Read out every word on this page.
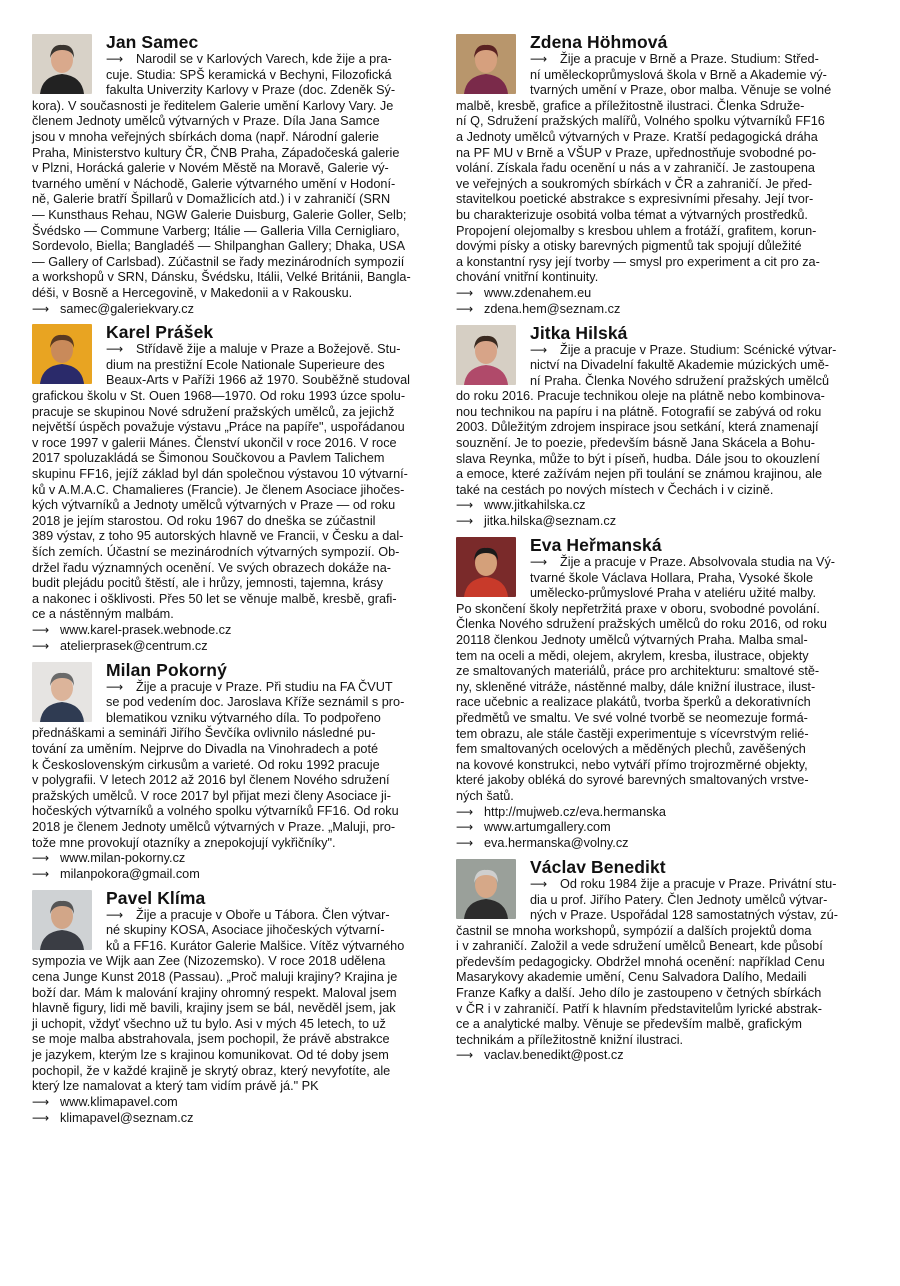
Jan Samec
⟶ Narodil se v Karlových Varech, kde žije a pra-
cuje. Studia: SPŠ keramická v Bechyni, Filozofická
fakulta Univerzity Karlovy v Praze (doc. Zdeněk Sý-
kora). V současnosti je ředitelem Galerie umění Karlovy Vary. Je
členem Jednoty umělců výtvarných v Praze. Díla Jana Samce
jsou v mnoha veřejných sbírkách doma (např. Národní galerie
Praha, Ministerstvo kultury ČR, ČNB Praha, Západočeská galerie
v Plzni, Horácká galerie v Novém Městě na Moravě, Galerie vý-
tvarného umění v Náchodě, Galerie výtvarného umění v Hodoní-
ně, Galerie bratří Špillarů v Domažlicích atd.) i v zahraničí (SRN
— Kunsthaus Rehau, NGW Galerie Duisburg, Galerie Goller, Selb;
Švédsko — Commune Varberg; Itálie — Galleria Villa Cernigliaro,
Sordevolo, Biella; Bangladéš — Shilpanghan Gallery; Dhaka, USA
— Gallery of Carlsbad). Zúčastnil se řady mezinárodních sympozií
a workshopů v SRN, Dánsku, Švédsku, Itálii, Velké Británii, Bangla-
déši, v Bosně a Hercegovině, v Makedonii a v Rakousku.
⟶ samec@galeriekvary.cz
Karel Prášek
⟶ Střídavě žije a maluje v Praze a Božejově. Stu-
dium na prestižní Ecole Nationale Superieure des
Beaux-Arts v Paříži 1966 až 1970. Souběžně studoval
grafickou školu v St. Ouen 1968—1970. Od roku 1993 úzce spolu-
pracuje se skupinou Nové sdružení pražských umělců, za jejichž
největší úspěch považuje výstavu „Práce na papíře", uspořádanou
v roce 1997 v galerii Mánes. Členství ukončil v roce 2016. V roce
2017 spoluzakládá se Šimonou Součkovou a Pavlem Talichem
skupinu FF16, jejíž základ byl dán společnou výstavou 10 výtvarní-
ků v A.M.A.C. Chamalieres (Francie). Je členem Asociace jihočes-
kých výtvarníků a Jednoty umělců výtvarných v Praze — od roku
2018 je jejím starostou. Od roku 1967 do dneška se zúčastnil
389 výstav, z toho 95 autorských hlavně ve Francii, v Česku a dal-
ších zemích. Účastní se mezinárodních výtvarných sympozií. Ob-
držel řadu významných ocenění. Ve svých obrazech dokáže na-
budit plejádu pocitů štěstí, ale i hrůzy, jemnosti, tajemna, krásy
a nakonec i ošklivosti. Přes 50 let se věnuje malbě, kresbě, grafi-
ce a nástěnným malbám.
⟶ www.karel-prasek.webnode.cz
⟶ atelierprasek@centrum.cz
Milan Pokorný
⟶ Žije a pracuje v Praze. Při studiu na FA ČVUT
se pod vedením doc. Jaroslava Kříže seznámil s pro-
blematikou vzniku výtvarného díla. To podpořeno
přednáškami a semináři Jiřího Ševčíka ovlivnilo následné pu-
tování za uměním. Nejprve do Divadla na Vinohradech a poté
k Československým cirkusům a varieté. Od roku 1992 pracuje
v polygrafii. V letech 2012 až 2016 byl členem Nového sdružení
pražských umělců. V roce 2017 byl přijat mezi členy Asociace ji-
hočeských výtvarníků a volného spolku výtvarníků FF16. Od roku
2018 je členem Jednoty umělců výtvarných v Praze. „Maluji, pro-
tože mne provokují otazníky a znepokojují vykřičníky".
⟶ www.milan-pokorny.cz
⟶ milanpokora@gmail.com
Pavel Klíma
⟶ Žije a pracuje v Oboře u Tábora. Člen výtvar-
né skupiny KOSA, Asociace jihočeských výtvarní-
ků a FF16. Kurátor Galerie Malšice. Vítěz výtvarného
sympozia ve Wijk aan Zee (Nizozemsko). V roce 2018 udělena
cena Junge Kunst 2018 (Passau). „Proč maluji krajiny? Krajina je
boží dar. Mám k malování krajiny ohromný respekt. Maloval jsem
hlavně figury, lidi mě bavili, krajiny jsem se bál, nevěděl jsem, jak
ji uchopit, vždyť všechno už tu bylo. Asi v mých 45 letech, to už
se moje malba abstrahovala, jsem pochopil, že právě abstrakce
je jazykem, kterým lze s krajinou komunikovat. Od té doby jsem
pochopil, že v každé krajině je skrytý obraz, který nevyfotíte, ale
který lze namalovat a který tam vidím právě já." PK
⟶ www.klimapavel.com
⟶ klimapavel@seznam.cz
Zdena Höhmová
⟶ Žije a pracuje v Brně a Praze. Studium: Střed-
ní uměleckoprůmyslová škola v Brně a Akademie vý-
tvarných umění v Praze, obor malba. Věnuje se volné
malbě, kresbě, grafice a příležitostně ilustraci. Členka Sdruže-
ní Q, Sdružení pražských malířů, Volného spolku výtvarníků FF16
a Jednoty umělců výtvarných v Praze. Kratší pedagogická dráha
na PF MU v Brně a VŠUP v Praze, upřednostňuje svobodné po-
volání. Získala řadu ocenění u nás a v zahraničí. Je zastoupena
ve veřejných a soukromých sbírkách v ČR a zahraničí. Je před-
stavitelkou poetické abstrakce s expresivními přesahy. Její tvor-
bu charakterizuje osobitá volba témat a výtvarných prostředků.
Propojení olejomalby s kresbou uhlem a frotáží, grafitem, korun-
dovými písky a otisky barevných pigmentů tak spojují důležité
a konstantní rysy její tvorby — smysl pro experiment a cit pro za-
chování vnitřní kontinuity.
⟶ www.zdenahem.eu
⟶ zdena.hem@seznam.cz
Jitka Hilská
⟶ Žije a pracuje v Praze. Studium: Scénické výtvar-
nictví na Divadelní fakultě Akademie múzických umě-
ní Praha. Členka Nového sdružení pražských umělců
do roku 2016. Pracuje technikou oleje na plátně nebo kombinova-
nou technikou na papíru i na plátně. Fotografií se zabývá od roku
2003. Důležitým zdrojem inspirace jsou setkání, která znamenají
souznění. Je to poezie, především básně Jana Skácela a Bohu-
slava Reynka, může to být i píseň, hudba. Dále jsou to okouzlení
a emoce, které zažívám nejen při toulání se známou krajinou, ale
také na cestách po nových místech v Čechách i v cizině.
⟶ www.jitkahilska.cz
⟶ jitka.hilska@seznam.cz
Eva Heřmanská
⟶ Žije a pracuje v Praze. Absolvovala studia na Vý-
tvarné škole Václava Hollara, Praha, Vysoké škole
umělecko-průmyslové Praha v ateliéru užité malby.
Po skončení školy nepřetržitá praxe v oboru, svobodné povolání.
Členka Nového sdružení pražských umělců do roku 2016, od roku
20118 členkou Jednoty umělců výtvarných Praha. Malba smal-
tem na oceli a mědi, olejem, akrylem, kresba, ilustrace, objekty
ze smaltovaných materiálů, práce pro architekturu: smaltové stě-
ny, skleněné vitráže, nástěnné malby, dále knižní ilustrace, ilust-
race učebnic a realizace plakátů, tvorba šperků a dekorativních
předmětů ve smaltu. Ve své volné tvorbě se neomezuje formá-
tem obrazu, ale stále častěji experimentuje s vícevrstvým relié-
fem smaltovaných ocelových a měděných plechů, zavěšených
na kovové konstrukci, nebo vytváří přímo trojrozměrné objekty,
které jakoby obléká do syrové barevných smaltovaných vrstve-
ných šatů.
⟶ http://mujweb.cz/eva.hermanska
⟶ www.artumgallery.com
⟶ eva.hermanska@volny.cz
Václav Benedikt
⟶ Od roku 1984 žije a pracuje v Praze. Privátní stu-
dia u prof. Jiřího Patery. Člen Jednoty umělců výtvar-
ných v Praze. Uspořádal 128 samostatných výstav, zú-
častnil se mnoha workshopů, sympózií a dalších projektů doma
i v zahraničí. Založil a vede sdružení umělců Beneart, kde působí
především pedagogicky. Obdržel mnohá ocenění: například Cenu
Masarykovy akademie umění, Cenu Salvadora Dalího, Medaili
Franze Kafky a další. Jeho dílo je zastoupeno v četných sbírkách
v ČR i v zahraničí. Patří k hlavním představitelům lyrické abstrak-
ce a analytické malby. Věnuje se především malbě, grafickým
technikám a příležitostně knižní ilustraci.
⟶ vaclav.benedikt@post.cz
